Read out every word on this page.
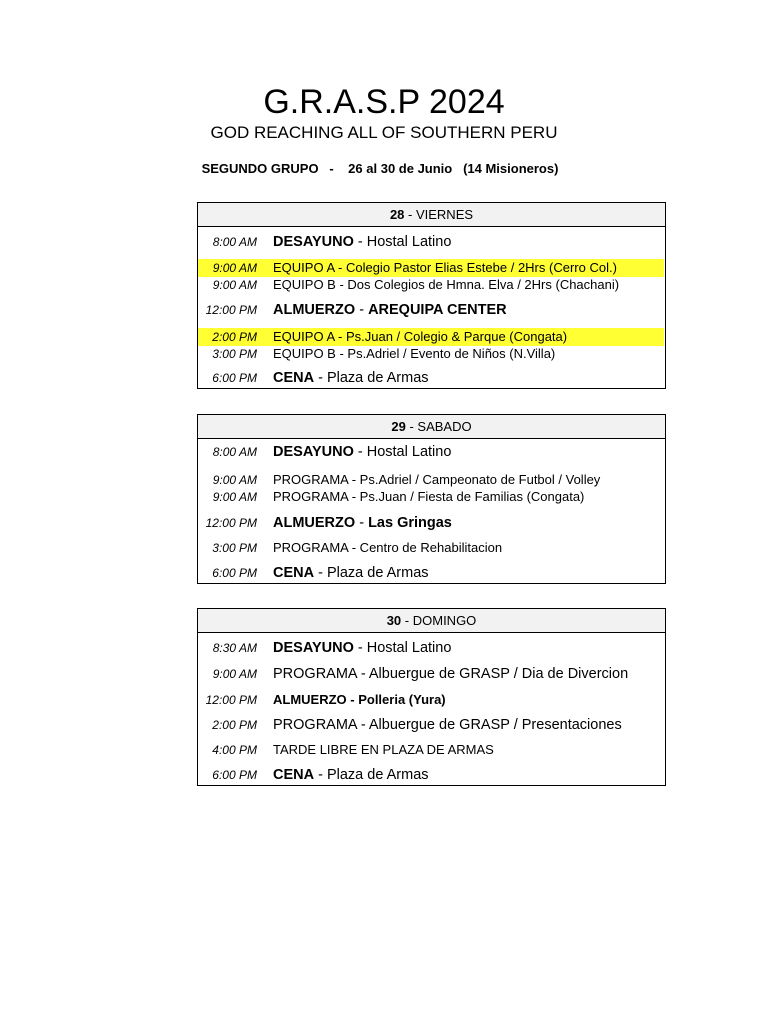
G.R.A.S.P 2024
GOD REACHING ALL OF SOUTHERN PERU
SEGUNDO GRUPO   -    26 al 30 de Junio   (14 Misioneros)
28 - VIERNES
8:00 AM DESAYUNO - Hostal Latino
9:00 AM EQUIPO A - Colegio Pastor Elias Estebe / 2Hrs (Cerro Col.)
9:00 AM EQUIPO B - Dos Colegios de Hmna. Elva / 2Hrs (Chachani)
12:00 PM ALMUERZO - AREQUIPA CENTER
2:00 PM EQUIPO A - Ps.Juan / Colegio & Parque (Congata)
3:00 PM EQUIPO B - Ps.Adriel / Evento de Niños (N.Villa)
6:00 PM CENA - Plaza de Armas
29 - SABADO
8:00 AM DESAYUNO - Hostal Latino
9:00 AM PROGRAMA - Ps.Adriel / Campeonato de Futbol / Volley
9:00 AM PROGRAMA - Ps.Juan / Fiesta de Familias (Congata)
12:00 PM ALMUERZO - Las Gringas
3:00 PM PROGRAMA - Centro de Rehabilitacion
6:00 PM CENA - Plaza de Armas
30 - DOMINGO
8:30 AM DESAYUNO - Hostal Latino
9:00 AM PROGRAMA - Albuergue de GRASP / Dia de Divercion
12:00 PM ALMUERZO - Polleria (Yura)
2:00 PM PROGRAMA - Albuergue de GRASP / Presentaciones
4:00 PM TARDE LIBRE EN PLAZA DE ARMAS
6:00 PM CENA - Plaza de Armas
